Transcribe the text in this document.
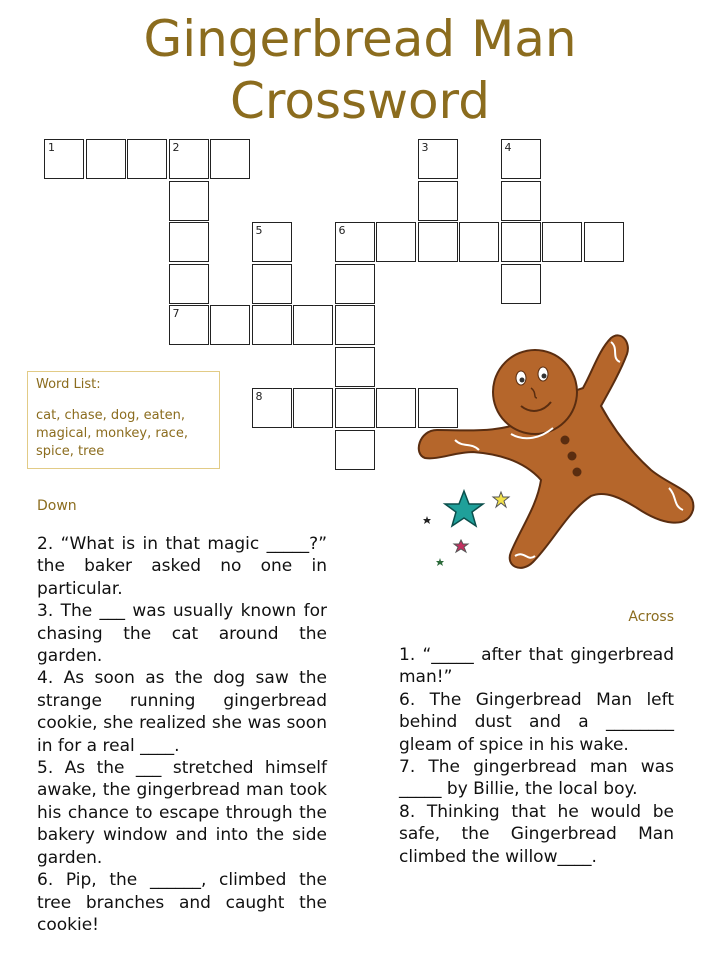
Gingerbread Man
Crossword
1	2
7
3	4
5	6
8
Word List:
cat, chase, dog, eaten, magical, monkey, race, spice, tree
Down

2. “What is in that magic _____?” the baker asked no one in particular.

3. The ___ was usually known for chasing the cat around the garden.

4. As soon as the dog saw the strange running gingerbread cookie, she realized she was soon in for a real ____.

5. As the ___ stretched himself awake, the gingerbread man took his chance to escape through the bakery window and into the side garden.

6. Pip, the ______, climbed the tree branches and caught the cookie!

Across

1. “_____ after that gingerbread man!”

6. The Gingerbread Man left behind dust and a ________ gleam of spice in his wake.

7. The gingerbread man was _____ by Billie, the local boy.

8. Thinking that he would be safe, the Gingerbread Man climbed the willow____.
